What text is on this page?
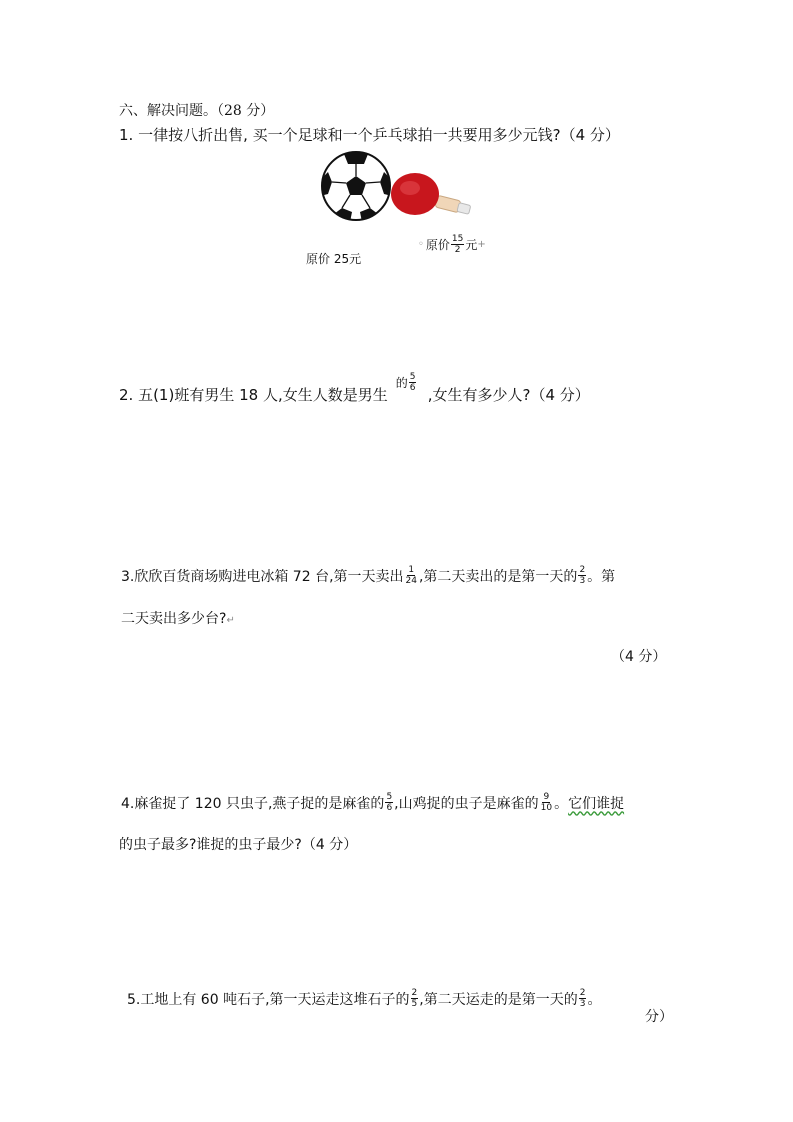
六、解决问题。（28 分）
1. 一律按八折出售, 买一个足球和一个乒乓球拍一共要用多少元钱?（4 分）
原价 25元
◦ 原价 $\frac{15}{2}$ 元 +
2. 五(1)班有男生 18 人,女生人数是男生
的 $\frac{5}{6}$
,女生有多少人?（4 分）
3.欣欣百货商场购进电冰箱 72 台,第一天卖出 $\frac{1}{24}$ ,第二天卖出的是第一天的 $\frac{2}{3}$ 。第
二天卖出多少台?↵
（4 分）
4.麻雀捉了 120 只虫子,燕子捉的是麻雀的 $\frac{5}{6}$ ,山鸡捉的虫子是麻雀的 $\frac{9}{10}$ 。 它们谁捉
的虫子最多?谁捉的虫子最少?（4 分）
5.工地上有 60 吨石子,第一天运走这堆石子的 $\frac{2}{5}$ ,第二天运走的是第一天的 $\frac{2}{3}$ 。
分）
